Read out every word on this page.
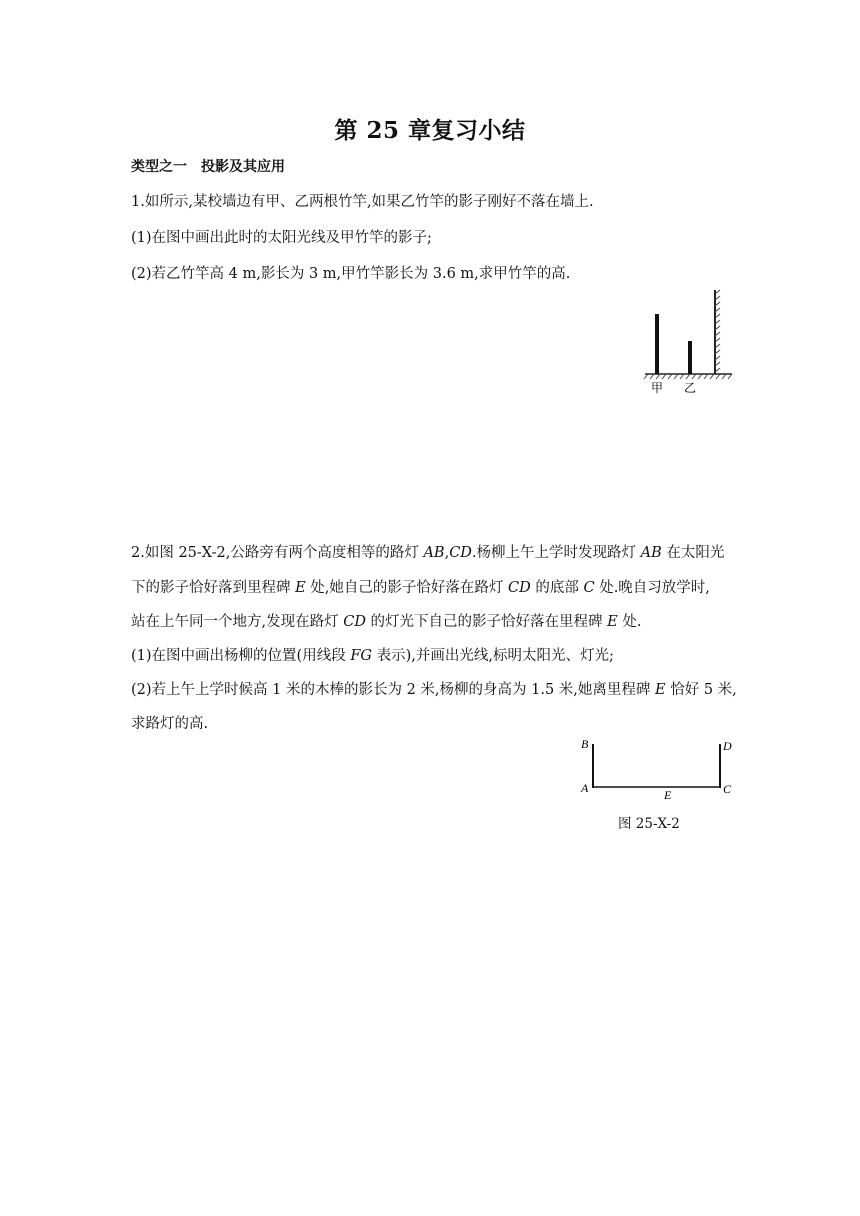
第 25 章复习小结
类型之一　投影及其应用
1.如所示,某校墙边有甲、乙两根竹竿,如果乙竹竿的影子刚好不落在墙上.
(1)在图中画出此时的太阳光线及甲竹竿的影子;
(2)若乙竹竿高 4 m,影长为 3 m,甲竹竿影长为 3.6 m,求甲竹竿的高.
甲 乙
2.如图 25-X-2,公路旁有两个高度相等的路灯 AB,CD.杨柳上午上学时发现路灯 AB 在太阳光
下的影子恰好落到里程碑 E 处,她自己的影子恰好落在路灯 CD 的底部 C 处.晚自习放学时,
站在上午同一个地方,发现在路灯 CD 的灯光下自己的影子恰好落在里程碑 E 处.
(1)在图中画出杨柳的位置(用线段 FG 表示),并画出光线,标明太阳光、灯光;
(2)若上午上学时候高 1 米的木棒的影长为 2 米,杨柳的身高为 1.5 米,她离里程碑 E 恰好 5 米,
求路灯的高.
B
A	E
D
C
图 25-X-2
